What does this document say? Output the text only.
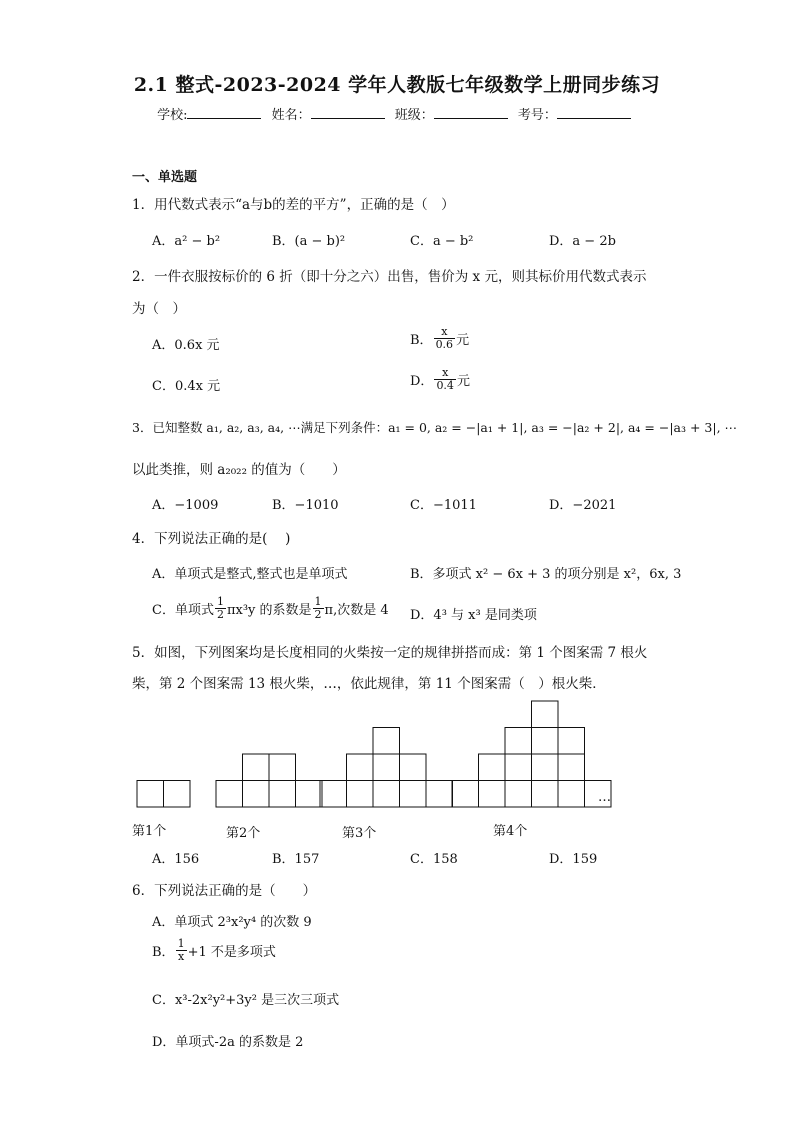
2.1 整式-2023-2024 学年人教版七年级数学上册同步练习
学校:	姓名：	班级：	考号：
一、单选题
1．用代数式表示“a与b的差的平方”，正确的是（　）
A．a² − b²	B．(a − b)²	C．a − b²	D．a − 2b
2．一件衣服按标价的 6 折（即十分之六）出售，售价为 x 元，则其标价用代数式表示
为（　）
A．0.6x 元	B． $\frac{x}{0.6}$ 元
C．0.4x 元	D． $\frac{x}{0.4}$ 元
3．已知整数 a₁, a₂, a₃, a₄, ⋯满足下列条件：a₁ = 0, a₂ = −|a₁ + 1|, a₃ = −|a₂ + 2|, a₄ = −|a₃ + 3|, ⋯
以此类推，则 a₂₀₂₂ 的值为（　　）
A．−1009	B．−1010	C．−1011	D．−2021
4．下列说法正确的是(　 )
A．单项式是整式,整式也是单项式	B．多项式 x² − 6x + 3 的项分别是 x²，6x, 3
C．单项式 $\frac{1}{2} \pi x^3y$ 的系数是 $\frac{1}{2} \pi$,次数是 4 D．4³ 与 x³ 是同类项
5．如图，下列图案均是长度相同的火柴按一定的规律拼搭而成：第 1 个图案需 7 根火
柴，第 2 个图案需 13 根火柴，…，依此规律，第 11 个图案需（　）根火柴．
第1个	第2个	第3个	第4个
…
A．156	B．157	C．158	D．159
6．下列说法正确的是（　　）
A．单项式 2³x²y⁴ 的次数 9
B． $\frac{1}{x} +1$ 不是多项式
C．x³-2x²y²+3y² 是三次三项式
D．单项式-2a 的系数是 2
